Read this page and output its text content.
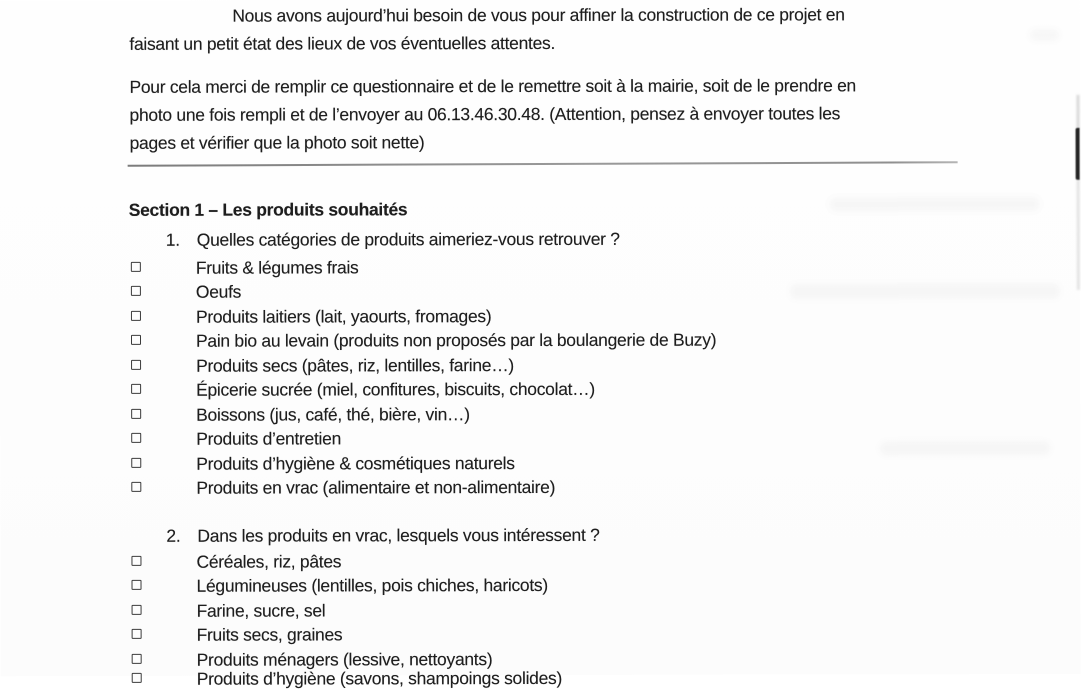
Nous avons aujourd’hui besoin de vous pour affiner la construction de ce projet en
faisant un petit état des lieux de vos éventuelles attentes.
Pour cela merci de remplir ce questionnaire et de le remettre soit à la mairie, soit de le prendre en
photo une fois rempli et de l’envoyer au 06.13.46.30.48. (Attention, pensez à envoyer toutes les
pages et vérifier que la photo soit nette)
Section 1 – Les produits souhaités
1. Quelles catégories de produits aimeriez-vous retrouver ?
Fruits & légumes frais
Oeufs
Produits laitiers (lait, yaourts, fromages)
Pain bio au levain (produits non proposés par la boulangerie de Buzy)
Produits secs (pâtes, riz, lentilles, farine…)
Épicerie sucrée (miel, confitures, biscuits, chocolat…)
Boissons (jus, café, thé, bière, vin…)
Produits d’entretien
Produits d’hygiène & cosmétiques naturels
Produits en vrac (alimentaire et non-alimentaire)
2. Dans les produits en vrac, lesquels vous intéressent ?
Céréales, riz, pâtes
Légumineuses (lentilles, pois chiches, haricots)
Farine, sucre, sel
Fruits secs, graines
Produits ménagers (lessive, nettoyants)
Produits d’hygiène (savons, shampoings solides)
